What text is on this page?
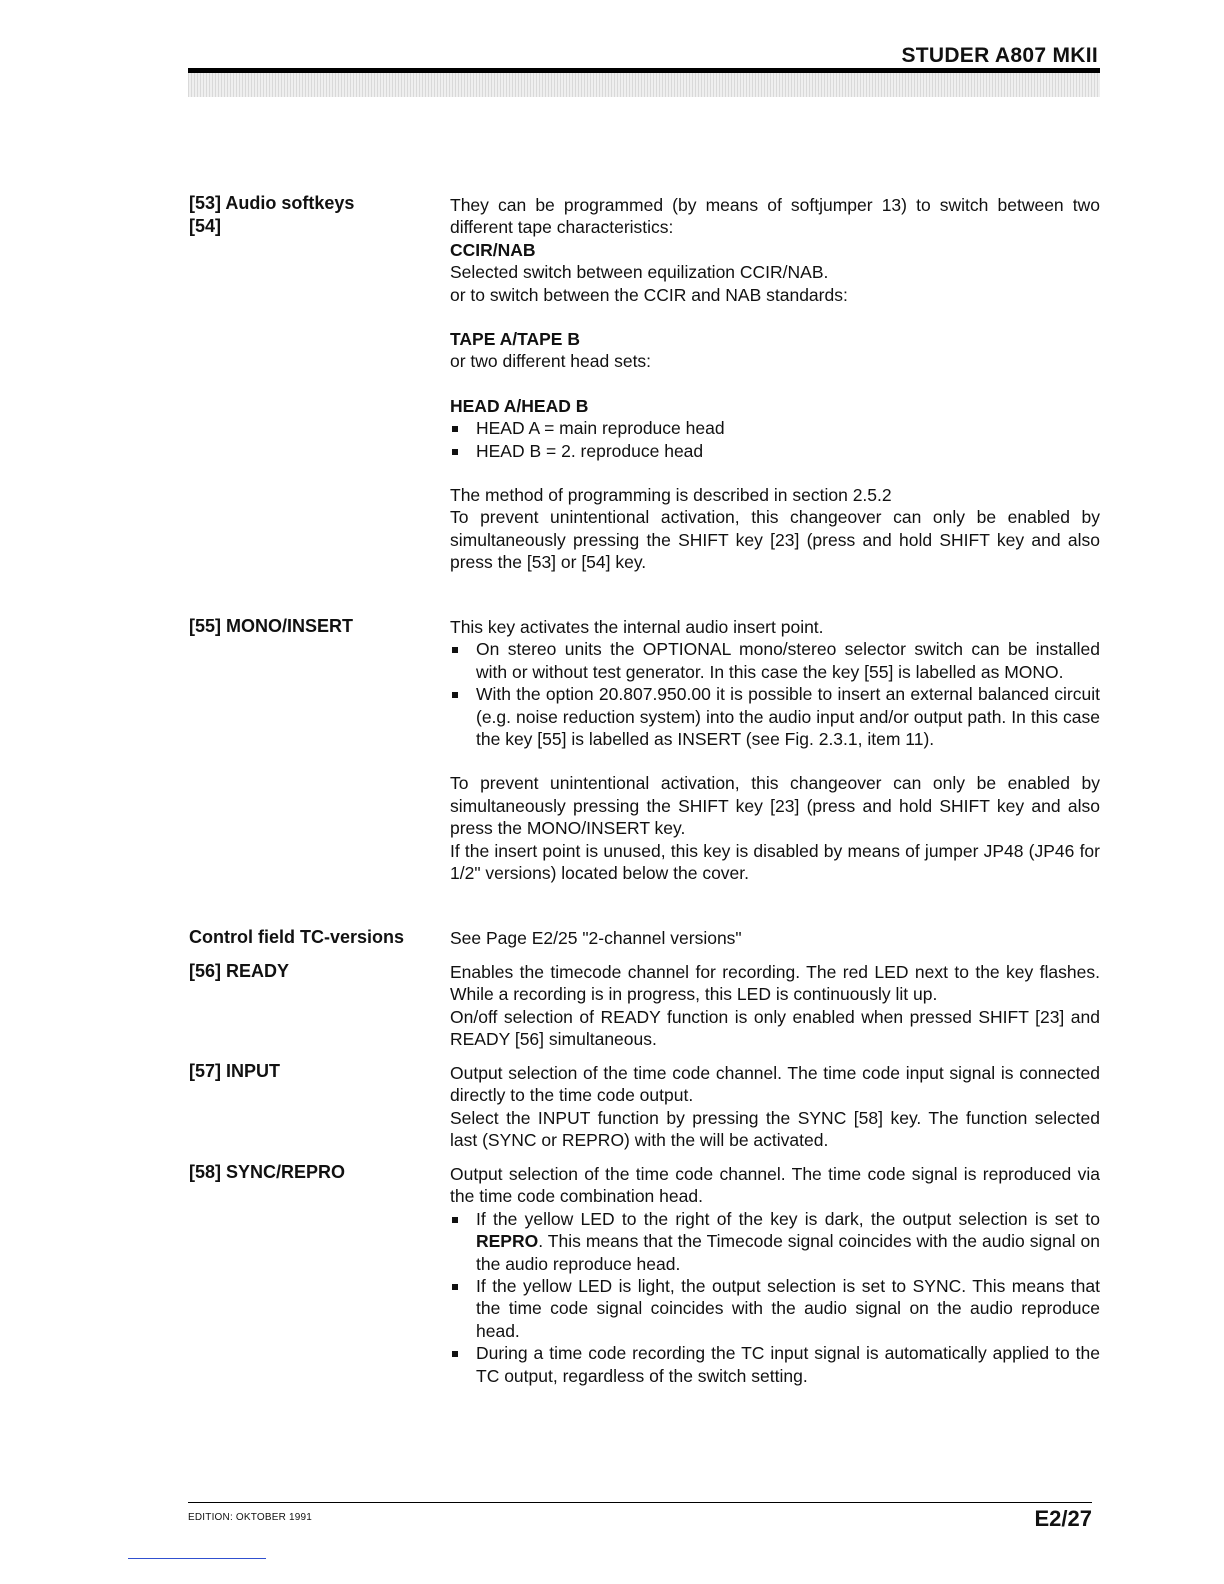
STUDER A807 MKII
[53] Audio softkeys
[54]

They can be programmed (by means of softjumper 13) to switch between two different tape characteristics:

CCIR/NAB

Selected switch between equilization CCIR/NAB.

or to switch between the CCIR and NAB standards:

TAPE A/TAPE B

or two different head sets:

HEAD A/HEAD B

HEAD A = main reproduce head
HEAD B = 2. reproduce head

The method of programming is described in section 2.5.2

To prevent unintentional activation, this changeover can only be enabled by simultaneously pressing the SHIFT key [23] (press and hold SHIFT key and also press the [53] or [54] key.

[55] MONO/INSERT	This key activates the internal audio insert point.

On stereo units the OPTIONAL mono/stereo selector switch can be installed with or without test generator. In this case the key [55] is labelled as MONO.
With the option 20.807.950.00 it is possible to insert an external balanced circuit (e.g. noise reduction system) into the audio input and/or output path. In this case the key [55] is labelled as INSERT (see Fig. 2.3.1, item 11).

To prevent unintentional activation, this changeover can only be enabled by simultaneously pressing the SHIFT key [23] (press and hold SHIFT key and also press the MONO/INSERT key.

If the insert point is unused, this key is disabled by means of jumper JP48 (JP46 for 1/2" versions) located below the cover.

Control field TC-versions	See Page E2/25 "2-channel versions"
[56] READY	Enables the timecode channel for recording. The red LED next to the key flashes. While a recording is in progress, this LED is continuously lit up.

On/off selection of READY function is only enabled when pressed SHIFT [23] and READY [56] simultaneous.

[57] INPUT	Output selection of the time code channel. The time code input signal is connected directly to the time code output.

Select the INPUT function by pressing the SYNC [58] key. The function selected last (SYNC or REPRO) with the will be activated.

[58] SYNC/REPRO	Output selection of the time code channel. The time code signal is reproduced via the time code combination head.

If the yellow LED to the right of the key is dark, the output selection is set to REPRO. This means that the Timecode signal coincides with the audio signal on the audio reproduce head.
If the yellow LED is light, the output selection is set to SYNC. This means that the time code signal coincides with the audio signal on the audio reproduce head.
During a time code recording the TC input signal is automatically applied to the TC output, regardless of the switch setting.
EDITION: OKTOBER 1991	E2/27
